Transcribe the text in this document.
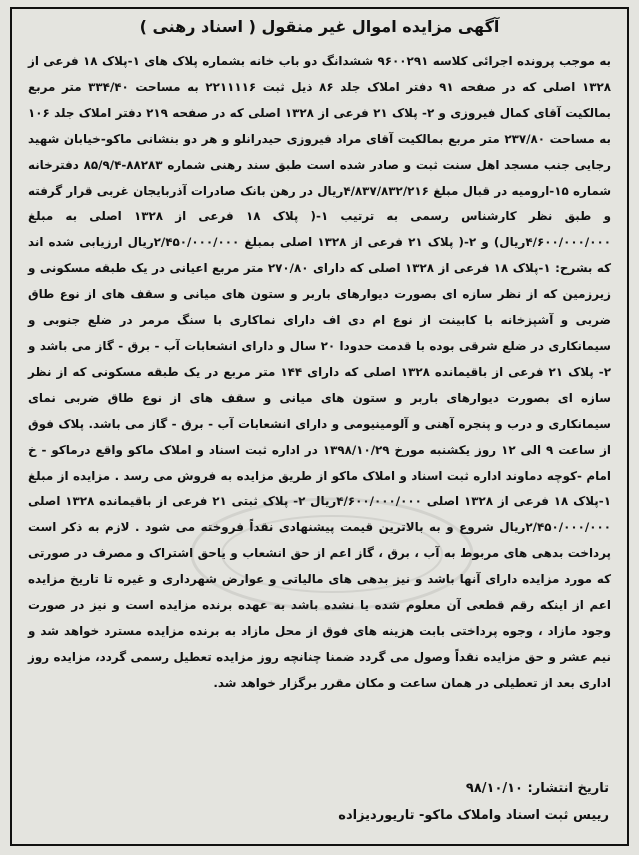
آگهی مزایده اموال غیر منقول ( اسناد رهنی )
به موجب پرونده اجرائی کلاسه ۹۶۰۰۲۹۱ ششدانگ دو باب خانه بشماره پلاک های ۱-پلاک ۱۸ فرعی از ۱۳۲۸ اصلی که در صفحه ۹۱ دفتر املاک جلد ۸۶ ذیل ثبت ۲۲۱۱۱۱۶ به مساحت ۳۳۴/۴۰ متر مربع بمالکیت آقای کمال فیروزی و ۲- پلاک ۲۱ فرعی از ۱۳۲۸ اصلی که در صفحه ۲۱۹ دفتر املاک جلد ۱۰۶ به مساحت ۲۳۷/۸۰ متر مربع بمالکیت آقای مراد فیروزی حیدرانلو و هر دو بنشانی ماکو-خیابان شهید رجایی جنب مسجد اهل سنت ثبت و صادر شده است طبق سند رهنی شماره ۸۸۲۸۳-۸۵/۹/۴ دفترخانه شماره ۱۵-ارومیه در قبال مبلغ ۴/۸۳۷/۸۳۲/۲۱۶ریال در رهن بانک صادرات آذربایجان غربی قرار گرفته و طبق نظر کارشناس رسمی به ترتیب ۱-( پلاک ۱۸ فرعی از ۱۳۲۸ اصلی به مبلغ ۴/۶۰۰/۰۰۰/۰۰۰ریال) و ۲-( پلاک ۲۱ فرعی از ۱۳۲۸ اصلی بمبلغ ۲/۴۵۰/۰۰۰/۰۰۰ریال ارزیابی شده اند که بشرح: ۱-پلاک ۱۸ فرعی از ۱۳۲۸ اصلی که دارای ۲۷۰/۸۰ متر مربع اعیانی در یک طبقه مسکونی و زیرزمین که از نظر سازه ای بصورت دیوارهای باربر و ستون های میانی و سقف های از نوع طاق ضربی و آشپزخانه با کابینت از نوع ام دی اف دارای نماکاری با سنگ مرمر در ضلع جنوبی و سیمانکاری در ضلع شرقی بوده با قدمت حدودا ۲۰ سال و دارای انشعابات آب - برق - گاز می باشد و ۲- پلاک ۲۱ فرعی از باقیمانده ۱۳۲۸ اصلی که دارای ۱۴۴ متر مربع در یک طبقه مسکونی که از نظر سازه ای بصورت دیوارهای باربر و ستون های میانی و سقف های از نوع طاق ضربی نمای سیمانکاری و درب و پنجره آهنی و آلومینیومی و دارای انشعابات آب - برق - گاز می باشد. پلاک فوق از ساعت ۹ الی ۱۲ روز یکشنبه مورخ ۱۳۹۸/۱۰/۲۹ در اداره ثبت اسناد و املاک ماکو واقع درماکو - خ امام -کوچه دماوند اداره ثبت اسناد و املاک ماکو از طریق مزایده به فروش می رسد . مزایده از مبلغ ۱-پلاک ۱۸ فرعی از ۱۳۲۸ اصلی ۴/۶۰۰/۰۰۰/۰۰۰ریال ۲- پلاک ثبتی ۲۱ فرعی از باقیمانده ۱۳۲۸ اصلی ۲/۴۵۰/۰۰۰/۰۰۰ریال شروع و به بالاترین قیمت پیشنهادی نقداً فروخته می شود . لازم به ذکر است پرداخت بدهی های مربوط به آب ، برق ، گاز اعم از حق انشعاب و یاحق اشتراک و مصرف در صورتی که مورد مزایده دارای آنها باشد و نیز بدهی های مالیاتی و عوارض شهرداری و غیره تا تاریخ مزایده اعم از اینکه رقم قطعی آن معلوم شده یا نشده باشد به عهده برنده مزایده است و نیز در صورت وجود مازاد ، وجوه پرداختی بابت هزینه های فوق از محل مازاد به برنده مزایده مسترد خواهد شد و نیم عشر و حق مزایده نقداً وصول می گردد ضمنا چنانچه روز مزایده تعطیل رسمی گردد، مزایده روز اداری بعد از تعطیلی در همان ساعت و مکان مقرر برگزار خواهد شد.
تاریخ انتشار: ۹۸/۱۰/۱۰
رییس ثبت اسناد واملاک ماکو- تاریوردیزاده
